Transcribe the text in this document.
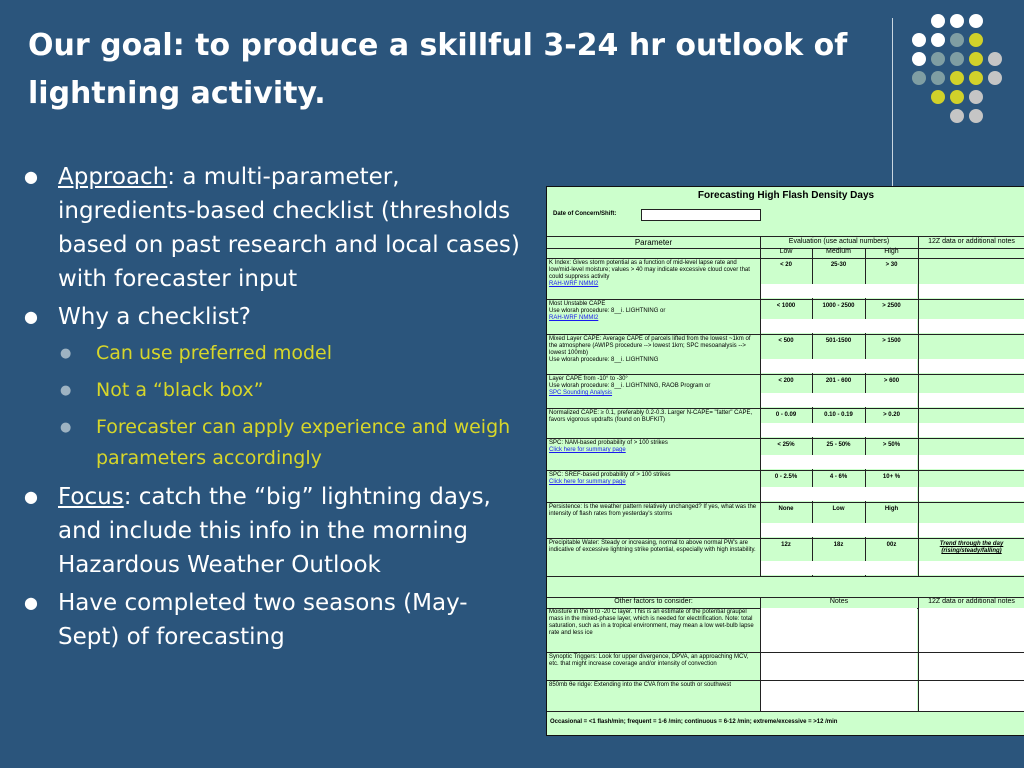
Our goal: to produce a skillful 3-24 hr outlook of lightning activity.
● Approach: a multi-parameter, ingredients-based checklist (thresholds based on past research and local cases) with forecaster input
● Why a checklist?
● Can use preferred model
● Not a “black box”
● Forecaster can apply experience and weigh parameters accordingly
● Focus: catch the “big” lightning days, and include this info in the morning Hazardous Weather Outlook
● Have completed two seasons (May-Sept) of forecasting
Forecasting High Flash Density Days
Date of Concern/Shift:
Parameter	Evaluation (use actual numbers)	12Z data or additional notes
Low	Medium	High
K Index: Gives storm potential as a function of mid-level lapse rate and low/mid-level moisture; values > 40 may indicate excessive cloud cover that could suppress activity
RAH-WRF NMMI2
< 20	25-30	> 30
Most Unstable CAPE
Use wlorah procedure: 8__i. LIGHTNING or
RAH-WRF NMMI2
< 1000	1000 - 2500	> 2500
Mixed Layer CAPE: Average CAPE of parcels lifted from the lowest ~1km of the atmosphere (AWIPS procedure --> lowest 1km; SPC mesoanalysis --> lowest 100mb)
Use wlorah procedure: 8__i. LIGHTNING
< 500	501-1500	> 1500
Layer CAPE from -10° to -30°
Use wlorah procedure: 8__i. LIGHTNING, RAOB Program or
SPC Sounding Analysis
< 200	201 - 600	> 600
Normalized CAPE: ≥ 0.1, preferably 0.2-0.3. Larger N-CAPE= "fatter" CAPE, favors vigorous updrafts (found on BUFKIT)
0 - 0.09	0.10 - 0.19	> 0.20
SPC: NAM-based probability of > 100 strikes
Click here for summary page
< 25%	25 - 50%	> 50%
SPC: SREF-based probability of > 100 strikes
Click here for summary page
0 - 2.5%	4 - 6%	10+ %
Persistence: Is the weather pattern relatively unchanged? If yes, what was the intensity of flash rates from yesterday's storms
None	Low	High
Precipitable Water: Steady or increasing, normal to above normal PW's are indicative of excessive lightning strike potential, especially with high instability.
12z	18z	00z	Trend through the day (rising/steady/falling)
Other factors to consider:	Notes	12Z data or additional notes
Moisture in the 0 to -20 C layer. This is an estimate of the potential graupel mass in the mixed-phase layer, which is needed for electrification. Note: total saturation, such as in a tropical environment, may mean a low wet-bulb lapse rate and less ice
Synoptic Triggers: Look for upper divergence, DPVA, an approaching MCV, etc. that might increase coverage and/or intensity of convection
850mb θe ridge: Extending into the CVA from the south or southwest
Occasional = <1 flash/min; frequent = 1-6 /min; continuous = 6-12 /min; extreme/excessive = >12 /min
